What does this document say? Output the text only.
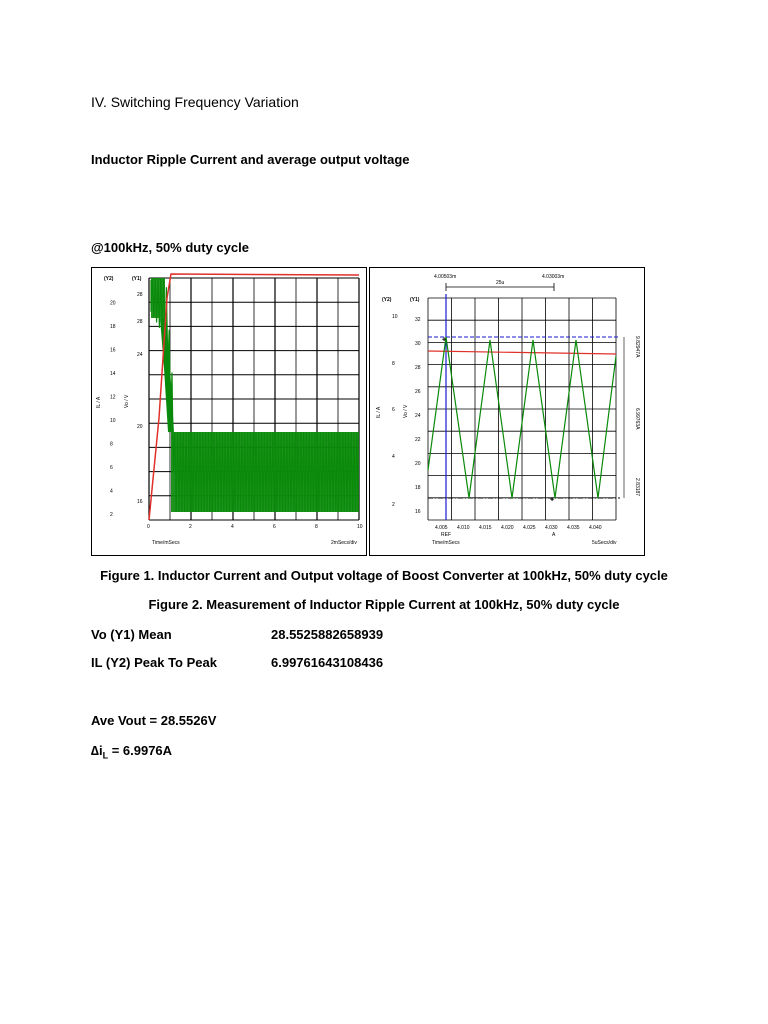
IV. Switching Frequency Variation
Inductor Ripple Current and average output voltage
@100kHz, 50% duty cycle
(Y2)	(Y1)
IL / A	Vo / V
2
4
6
8
10
12
14
16
18
20
16
20
24
28
28
0	2	4	6	8	10
Time/mSecs	2mSecs/div
(Y2)	(Y1)
IL / A	Vo / V
16
18
20
22
24
26
28
30
32
2
4
6
8
10
4.005 4.010 4.015 4.020 4.025 4.030 4.035 4.040
Time/mSecs	5uSecs/div
4.00503m	4.03003m
25u
REF	A
✚
✚
9.82947A
6.99763A
2.83187
Figure 1. Inductor Current and Output voltage of Boost Converter at 100kHz, 50% duty cycle
Figure 2. Measurement of Inductor Ripple Current at 100kHz, 50% duty cycle
Vo (Y1) Mean	28.5525882658939
IL (Y2) Peak To Peak	6.99761643108436
Ave Vout = 28.5526V
$\Delta i_L = 6.9976A$
